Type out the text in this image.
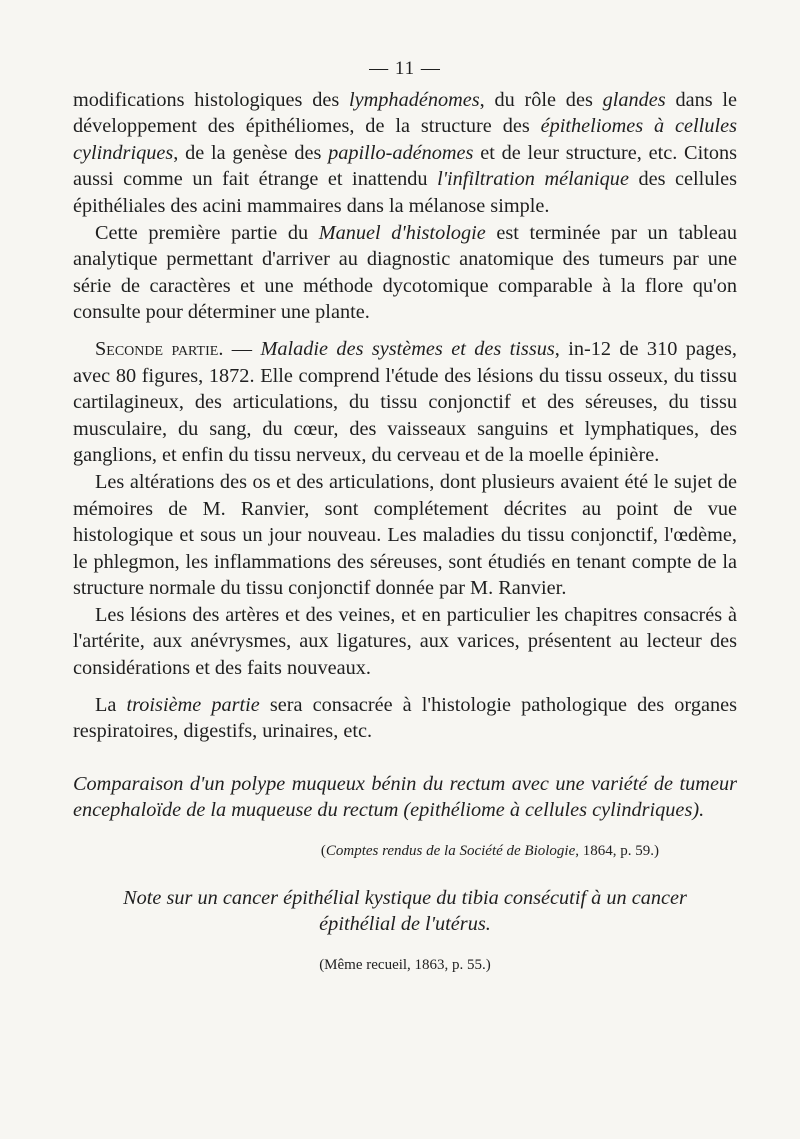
— 11 —

modifications histologiques des lymphadénomes, du rôle des glandes dans le développement des épithéliomes, de la structure des épitheliomes à cellules cylindriques, de la genèse des papillo-adénomes et de leur structure, etc. Citons aussi comme un fait étrange et inattendu l'infiltration mélanique des cellules épithéliales des acini mammaires dans la mélanose simple.

Cette première partie du Manuel d'histologie est terminée par un tableau analytique permettant d'arriver au diagnostic anatomique des tumeurs par une série de caractères et une méthode dycotomique comparable à la flore qu'on consulte pour déterminer une plante.

Seconde partie. — Maladie des systèmes et des tissus, in-12 de 310 pages, avec 80 figures, 1872. Elle comprend l'étude des lésions du tissu osseux, du tissu cartilagineux, des articulations, du tissu conjonctif et des séreuses, du tissu musculaire, du sang, du cœur, des vaisseaux sanguins et lymphatiques, des ganglions, et enfin du tissu nerveux, du cerveau et de la moelle épinière.

Les altérations des os et des articulations, dont plusieurs avaient été le sujet de mémoires de M. Ranvier, sont complétement décrites au point de vue histologique et sous un jour nouveau. Les maladies du tissu conjonctif, l'œdème, le phlegmon, les inflammations des séreuses, sont étudiés en tenant compte de la structure normale du tissu conjonctif donnée par M. Ranvier.

Les lésions des artères et des veines, et en particulier les chapitres consacrés à l'artérite, aux anévrysmes, aux ligatures, aux varices, présentent au lecteur des considérations et des faits nouveaux.

La troisième partie sera consacrée à l'histologie pathologique des organes respiratoires, digestifs, urinaires, etc.

Comparaison d'un polype muqueux bénin du rectum avec une variété de tumeur encephaloïde de la muqueuse du rectum (epithéliome à cellules cylindriques).

(Comptes rendus de la Société de Biologie, 1864, p. 59.)
Note sur un cancer épithélial kystique du tibia consécutif à un cancer
épithélial de l'utérus.
(Même recueil, 1863, p. 55.)
